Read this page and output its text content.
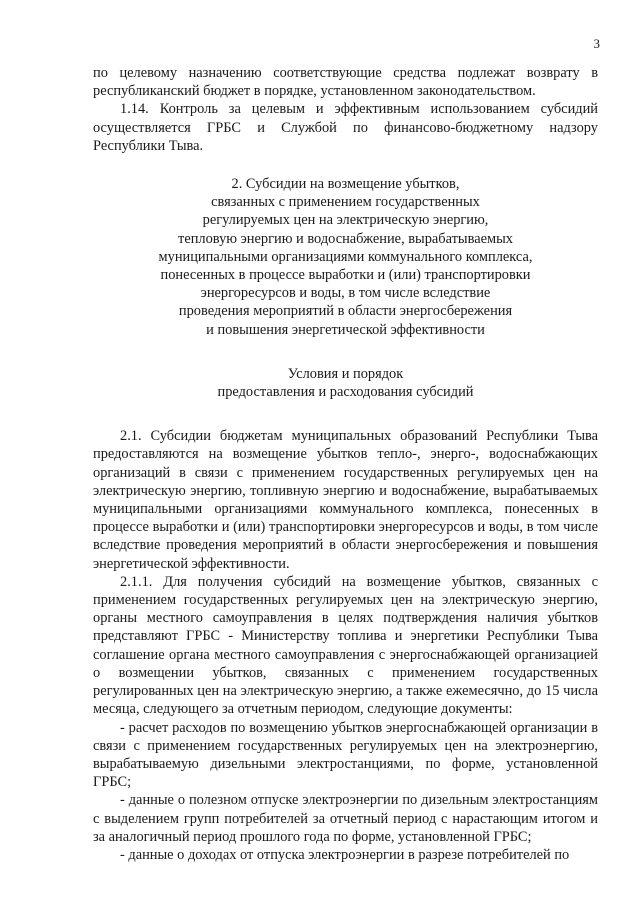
3

по целевому назначению соответствующие средства подлежат возврату в республиканский бюджет в порядке, установленном законодательством.

1.14. Контроль за целевым и эффективным использованием субсидий осуществляется ГРБС и Службой по финансово-бюджетному надзору Республики Тыва.

2. Субсидии на возмещение убытков,
связанных с применением государственных
регулируемых цен на электрическую энергию,
тепловую энергию и водоснабжение, вырабатываемых
муниципальными организациями коммунального комплекса,
понесенных в процессе выработки и (или) транспортировки
энергоресурсов и воды, в том числе вследствие
проведения мероприятий в области энергосбережения
и повышения энергетической эффективности
Условия и порядок
предоставления и расходования субсидий

2.1. Субсидии бюджетам муниципальных образований Республики Тыва предоставляются на возмещение убытков тепло-, энерго-, водоснабжающих организаций в связи с применением государственных регулируемых цен на электрическую энергию, топливную энергию и водоснабжение, вырабатываемых муниципальными организациями коммунального комплекса, понесенных в процессе выработки и (или) транспортировки энергоресурсов и воды, в том числе вследствие проведения мероприятий в области энергосбережения и повышения энергетической эффективности.

2.1.1. Для получения субсидий на возмещение убытков, связанных с применением государственных регулируемых цен на электрическую энергию, органы местного самоуправления в целях подтверждения наличия убытков представляют ГРБС - Министерству топлива и энергетики Республики Тыва соглашение органа местного самоуправления с энергоснабжающей организацией о возмещении убытков, связанных с применением государственных регулированных цен на электрическую энергию, а также ежемесячно, до 15 числа месяца, следующего за отчетным периодом, следующие документы:

- расчет расходов по возмещению убытков энергоснабжающей организации в связи с применением государственных регулируемых цен на электроэнергию, вырабатываемую дизельными электростанциями, по форме, установленной ГРБС;

- данные о полезном отпуске электроэнергии по дизельным электростанциям с выделением групп потребителей за отчетный период с нарастающим итогом и за аналогичный период прошлого года по форме, установленной ГРБС;

- данные о доходах от отпуска электроэнергии в разрезе потребителей по
